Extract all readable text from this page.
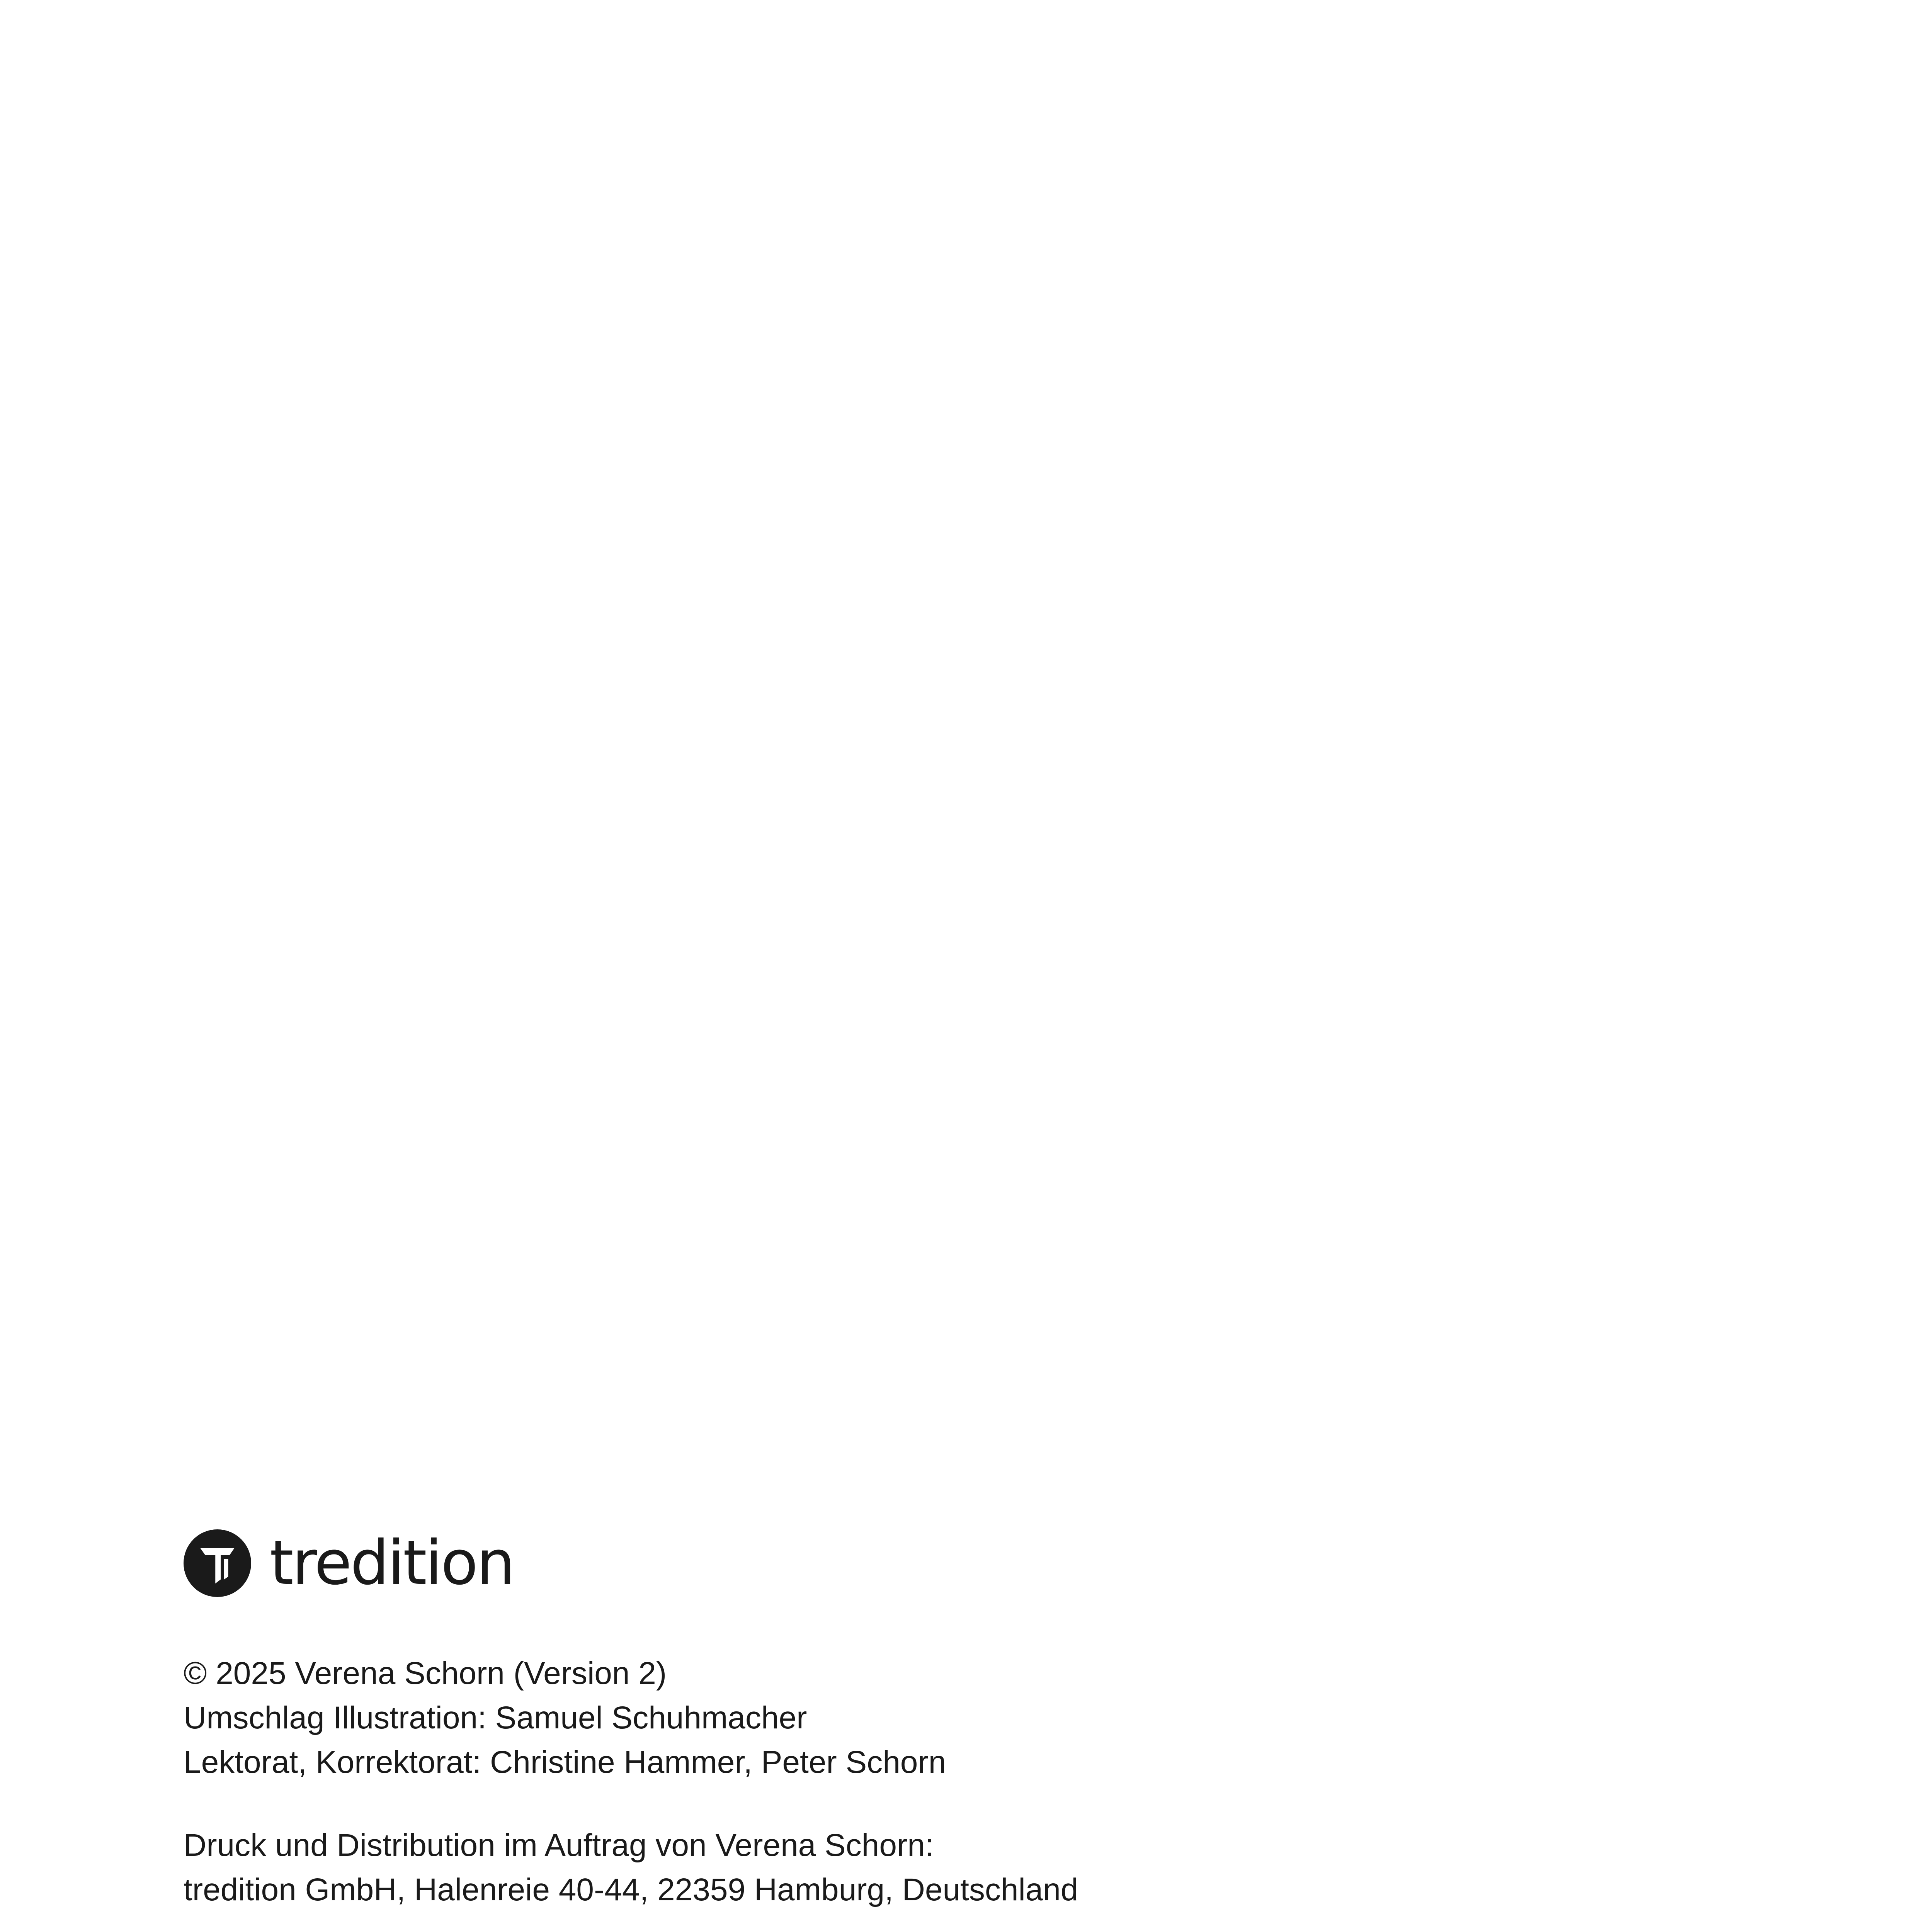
tredition
© 2025 Verena Schorn (Version 2)
Umschlag Illustration: Samuel Schuhmacher
Lektorat, Korrektorat: Christine Hammer, Peter Schorn
Druck und Distribution im Auftrag von Verena Schorn:
tredition GmbH, Halenreie 40-44, 22359 Hamburg, Deutschland
